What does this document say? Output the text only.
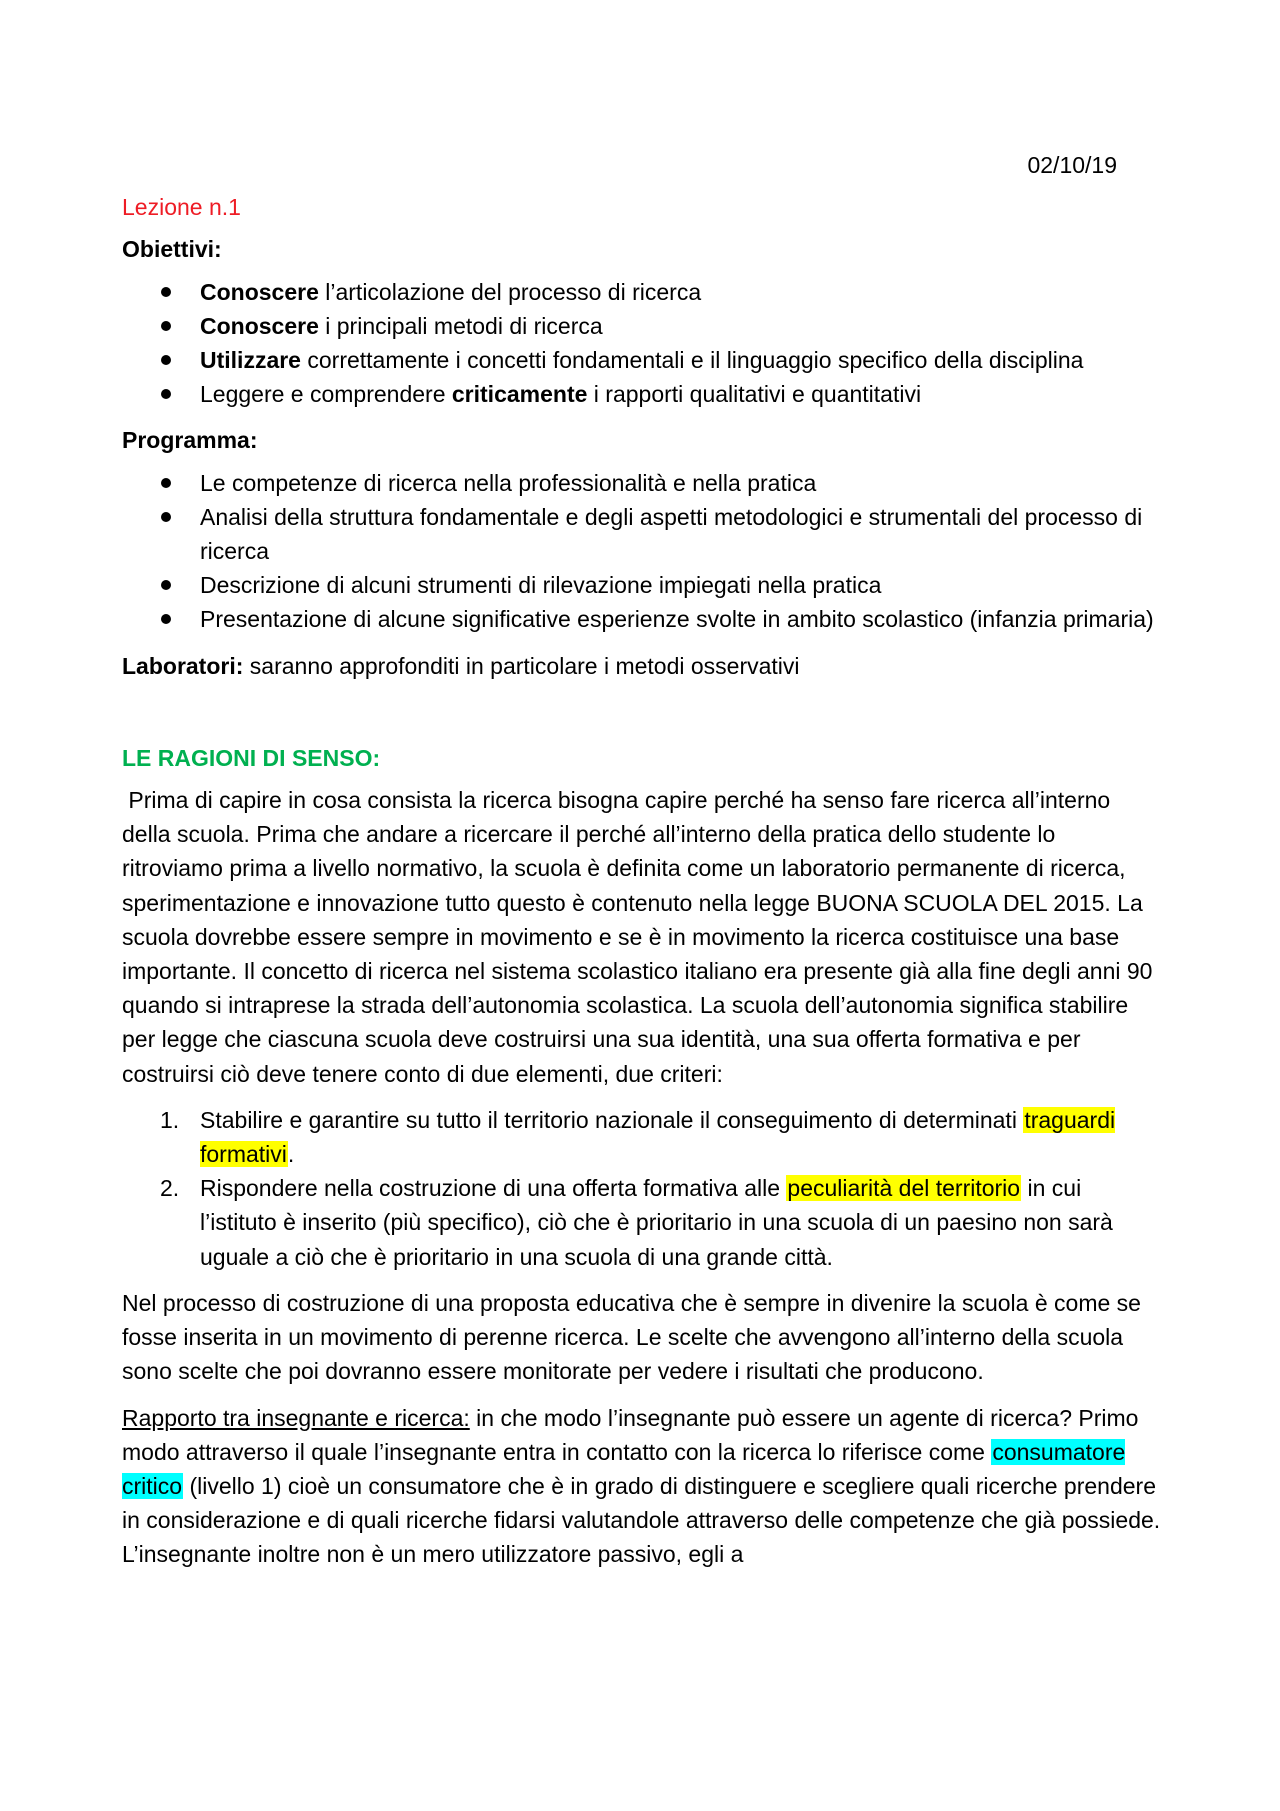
02/10/19
Lezione n.1
Obiettivi:
Conoscere l’articolazione del processo di ricerca
Conoscere i principali metodi di ricerca
Utilizzare correttamente i concetti fondamentali e il linguaggio specifico della disciplina
Leggere e comprendere criticamente i rapporti qualitativi e quantitativi
Programma:
Le competenze di ricerca nella professionalità e nella pratica
Analisi della struttura fondamentale e degli aspetti metodologici e strumentali del processo di ricerca
Descrizione di alcuni strumenti di rilevazione impiegati nella pratica
Presentazione di alcune significative esperienze svolte in ambito scolastico (infanzia primaria)

Laboratori: saranno approfonditi in particolare i metodi osservativi

LE RAGIONI DI SENSO:

Prima di capire in cosa consista la ricerca bisogna capire perché ha senso fare ricerca all’interno della scuola. Prima che andare a ricercare il perché all’interno della pratica dello studente lo ritroviamo prima a livello normativo, la scuola è definita come un laboratorio permanente di ricerca, sperimentazione e innovazione tutto questo è contenuto nella legge BUONA SCUOLA DEL 2015. La scuola dovrebbe essere sempre in movimento e se è in movimento la ricerca costituisce una base importante. Il concetto di ricerca nel sistema scolastico italiano era presente già alla fine degli anni 90 quando si intraprese la strada dell’autonomia scolastica. La scuola dell’autonomia significa stabilire per legge che ciascuna scuola deve costruirsi una sua identità, una sua offerta formativa e per costruirsi ciò deve tenere conto di due elementi, due criteri:

1. Stabilire e garantire su tutto il territorio nazionale il conseguimento di determinati traguardi formativi.
2. Rispondere nella costruzione di una offerta formativa alle peculiarità del territorio in cui l’istituto è inserito (più specifico), ciò che è prioritario in una scuola di un paesino non sarà uguale a ciò che è prioritario in una scuola di una grande città.

Nel processo di costruzione di una proposta educativa che è sempre in divenire la scuola è come se fosse inserita in un movimento di perenne ricerca. Le scelte che avvengono all’interno della scuola sono scelte che poi dovranno essere monitorate per vedere i risultati che producono.

Rapporto tra insegnante e ricerca: in che modo l’insegnante può essere un agente di ricerca? Primo modo attraverso il quale l’insegnante entra in contatto con la ricerca lo riferisce come consumatore critico (livello 1) cioè un consumatore che è in grado di distinguere e scegliere quali ricerche prendere in considerazione e di quali ricerche fidarsi valutandole attraverso delle competenze che già possiede. L’insegnante inoltre non è un mero utilizzatore passivo, egli a
